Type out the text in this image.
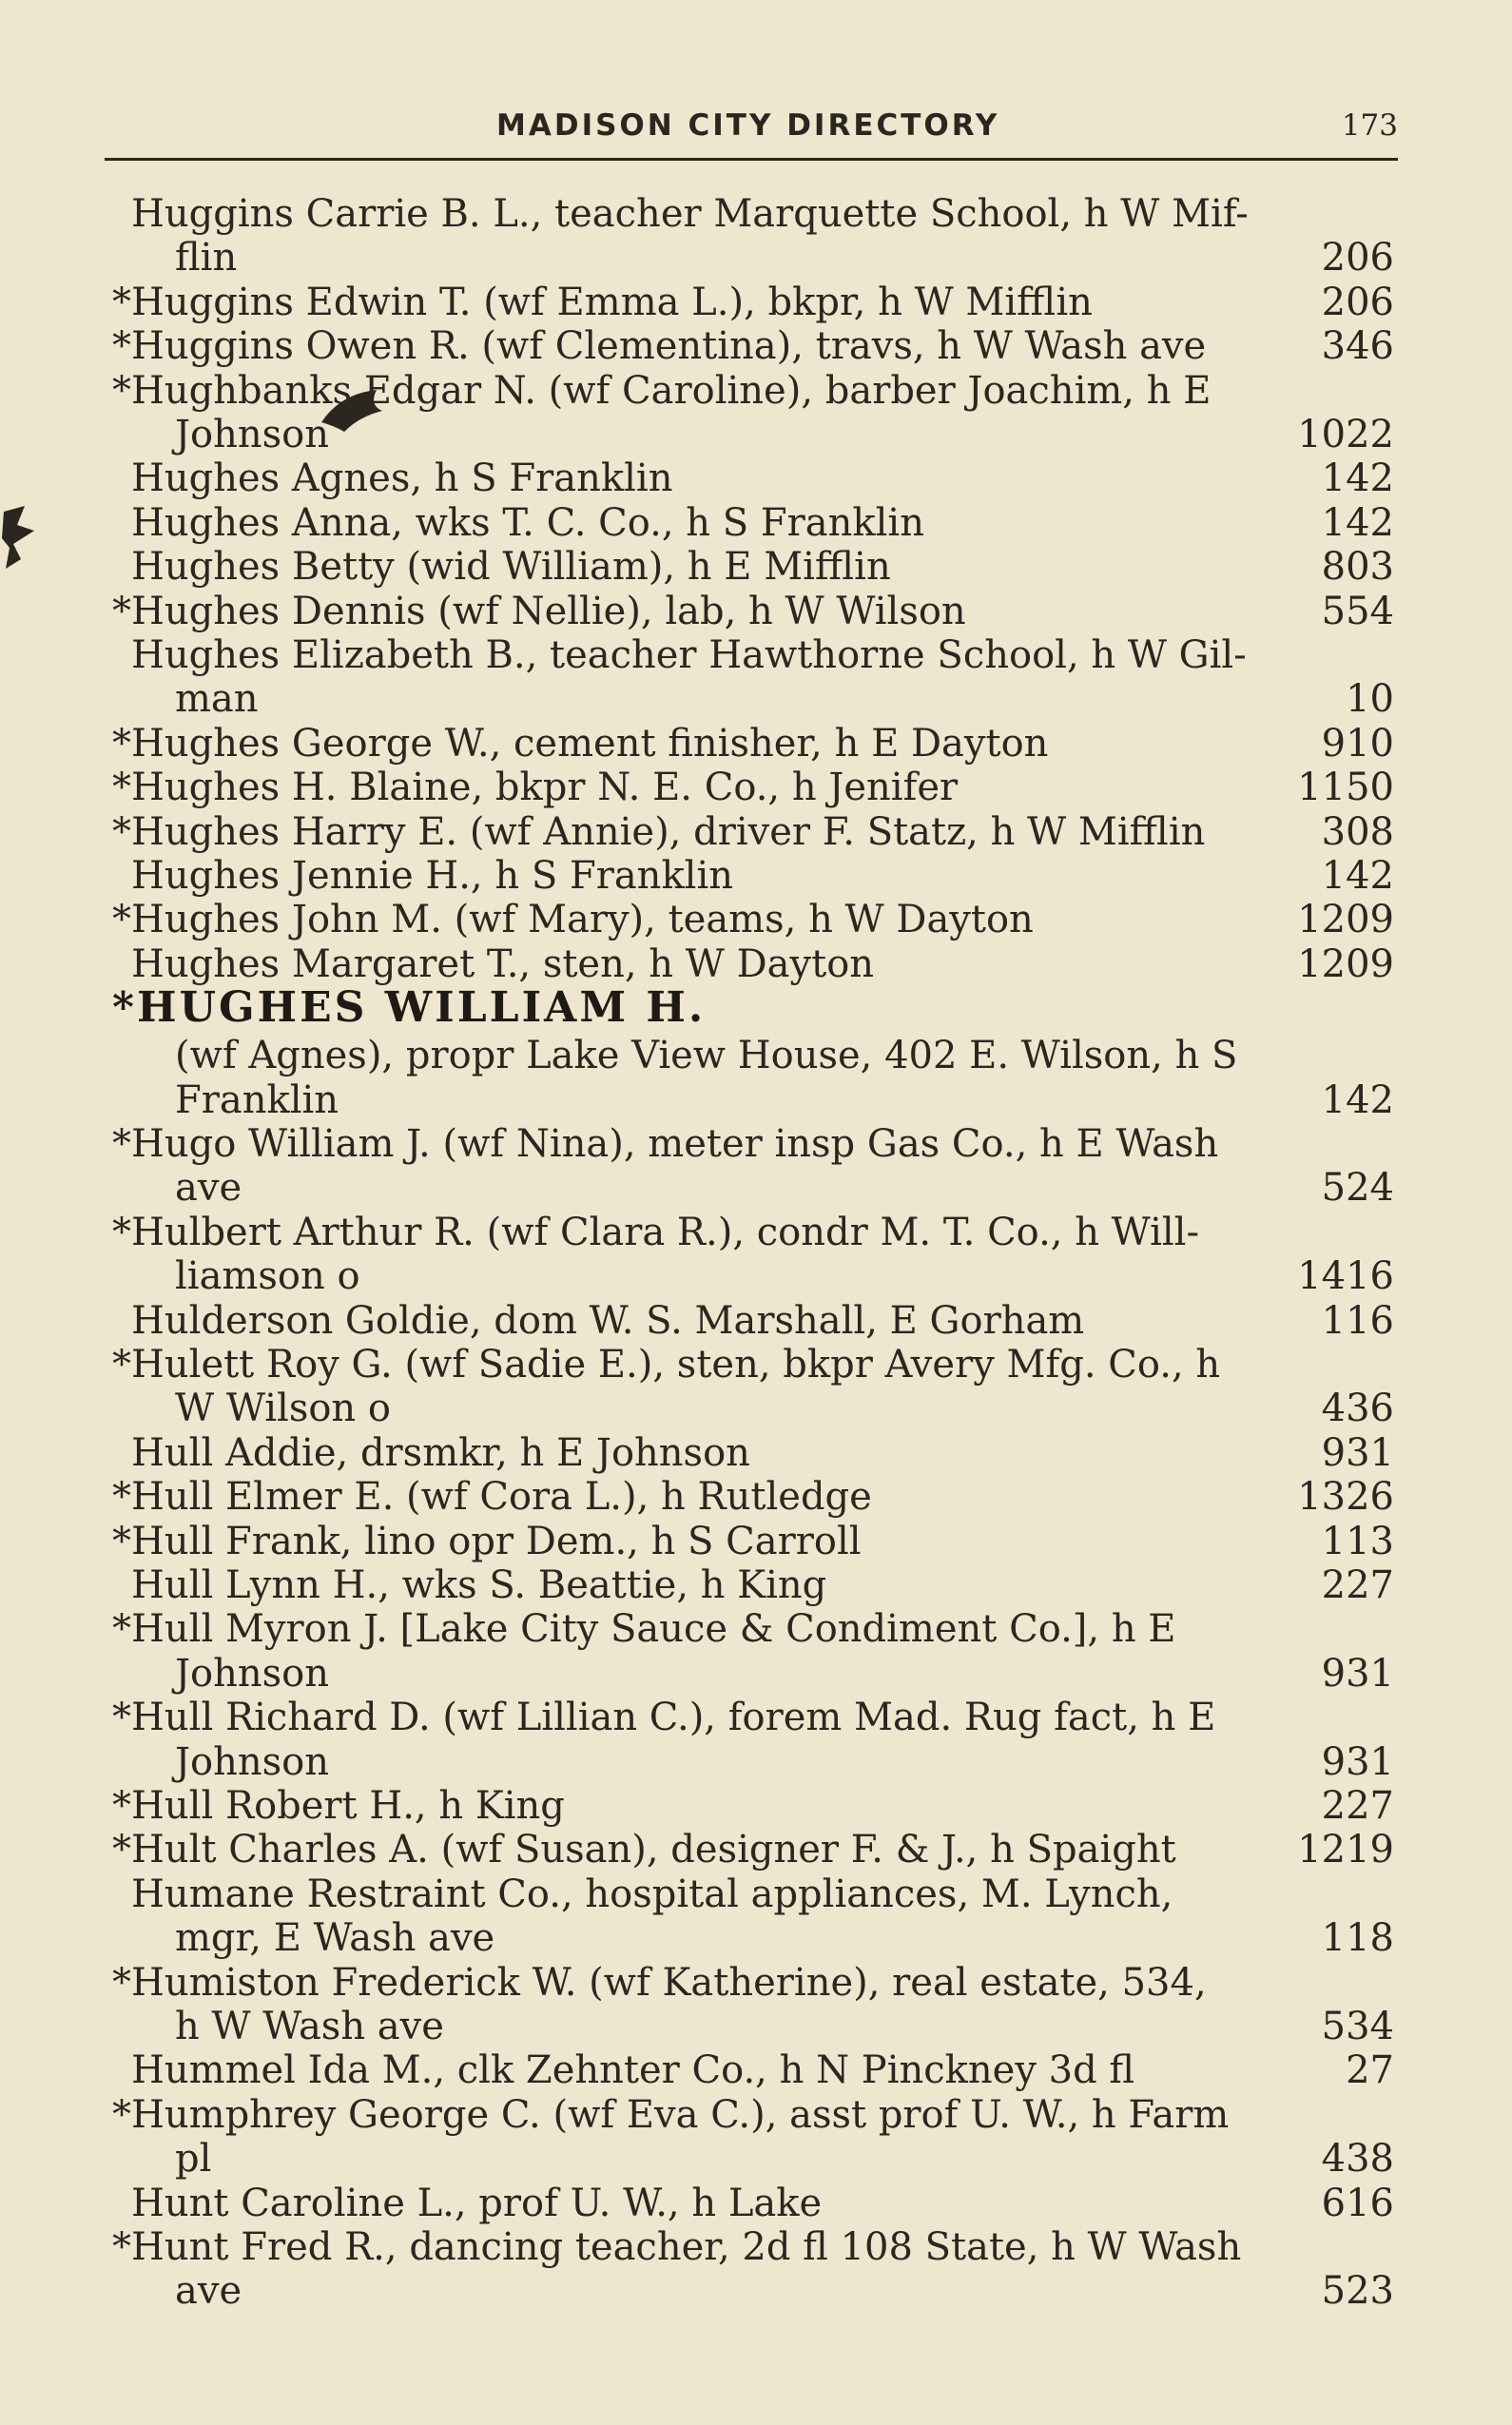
MADISON CITY DIRECTORY	173
Huggins Carrie B. L., teacher Marquette School, h W Mif-
flin	206
*Huggins Edwin T. (wf Emma L.), bkpr, h W Mifflin	206
*Huggins Owen R. (wf Clementina), travs, h W Wash ave	346
*Hughbanks Edgar N. (wf Caroline), barber Joachim, h E
Johnson	1022
Hughes Agnes, h S Franklin	142
Hughes Anna, wks T. C. Co., h S Franklin	142
Hughes Betty (wid William), h E Mifflin	803
*Hughes Dennis (wf Nellie), lab, h W Wilson	554
Hughes Elizabeth B., teacher Hawthorne School, h W Gil-
man	10
*Hughes George W., cement finisher, h E Dayton	910
*Hughes H. Blaine, bkpr N. E. Co., h Jenifer	1150
*Hughes Harry E. (wf Annie), driver F. Statz, h W Mifflin	308
Hughes Jennie H., h S Franklin	142
*Hughes John M. (wf Mary), teams, h W Dayton	1209
Hughes Margaret T., sten, h W Dayton	1209
*HUGHES WILLIAM H.
(wf Agnes), propr Lake View House, 402 E. Wilson, h S
Franklin	142
*Hugo William J. (wf Nina), meter insp Gas Co., h E Wash
ave	524
*Hulbert Arthur R. (wf Clara R.), condr M. T. Co., h Will-
liamson o	1416
Hulderson Goldie, dom W. S. Marshall, E Gorham	116
*Hulett Roy G. (wf Sadie E.), sten, bkpr Avery Mfg. Co., h
W Wilson o	436
Hull Addie, drsmkr, h E Johnson	931
*Hull Elmer E. (wf Cora L.), h Rutledge	1326
*Hull Frank, lino opr Dem., h S Carroll	113
Hull Lynn H., wks S. Beattie, h King	227
*Hull Myron J. [Lake City Sauce & Condiment Co.], h E
Johnson	931
*Hull Richard D. (wf Lillian C.), forem Mad. Rug fact, h E
Johnson	931
*Hull Robert H., h King	227
*Hult Charles A. (wf Susan), designer F. & J., h Spaight	1219
Humane Restraint Co., hospital appliances, M. Lynch,
mgr, E Wash ave	118
*Humiston Frederick W. (wf Katherine), real estate, 534,
h W Wash ave	534
Hummel Ida M., clk Zehnter Co., h N Pinckney 3d fl	27
*Humphrey George C. (wf Eva C.), asst prof U. W., h Farm
pl	438
Hunt Caroline L., prof U. W., h Lake	616
*Hunt Fred R., dancing teacher, 2d fl 108 State, h W Wash
ave	523
